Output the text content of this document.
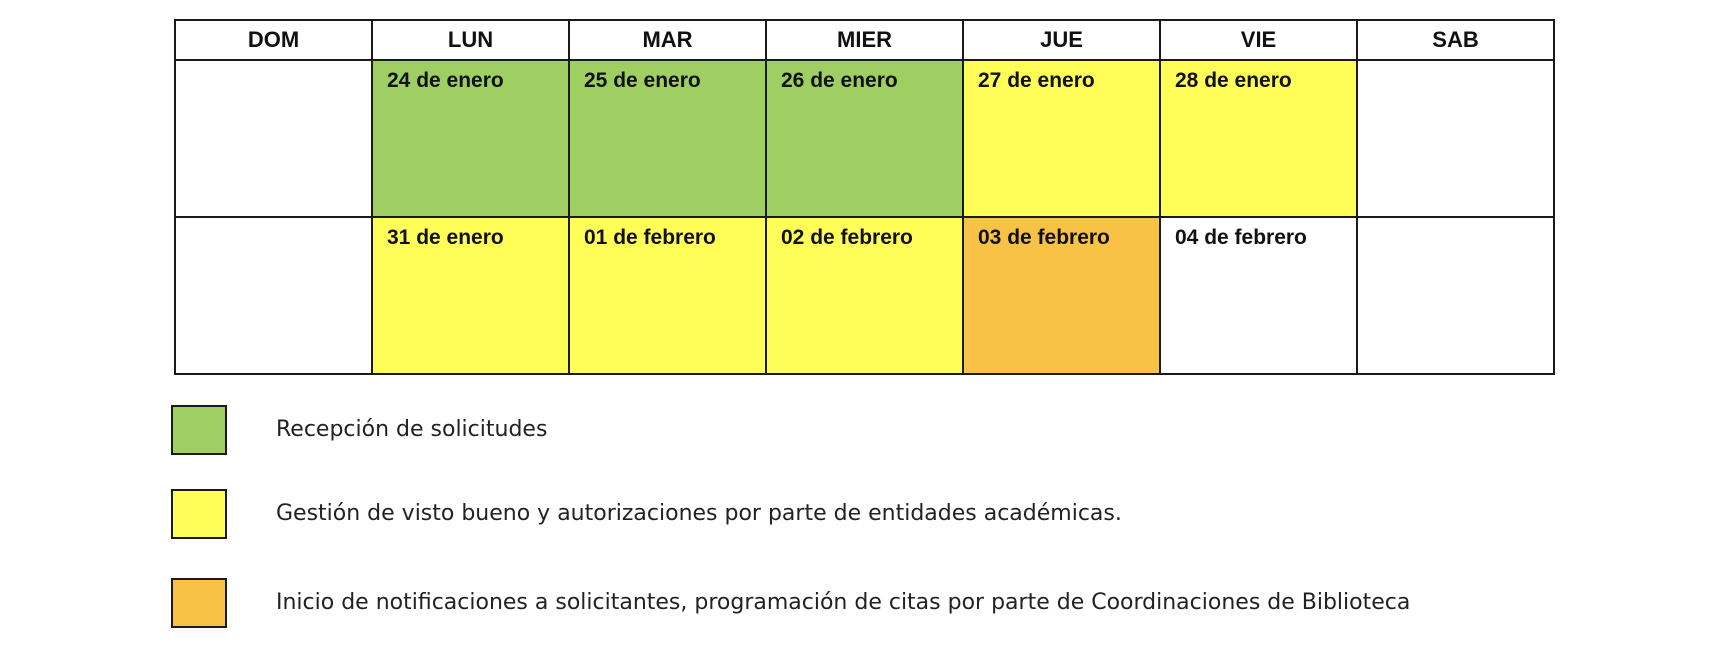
DOM	LUN	MAR	MIER	JUE	VIE	SAB

	24 de enero	25 de enero	26 de enero	27 de enero	28 de enero	

	31 de enero	01 de febrero	02 de febrero	03 de febrero	04 de febrero	

Recepción de solicitudes
Gestión de visto bueno y autorizaciones por parte de entidades académicas.
Inicio de notificaciones a solicitantes, programación de citas por parte de Coordinaciones de Biblioteca
